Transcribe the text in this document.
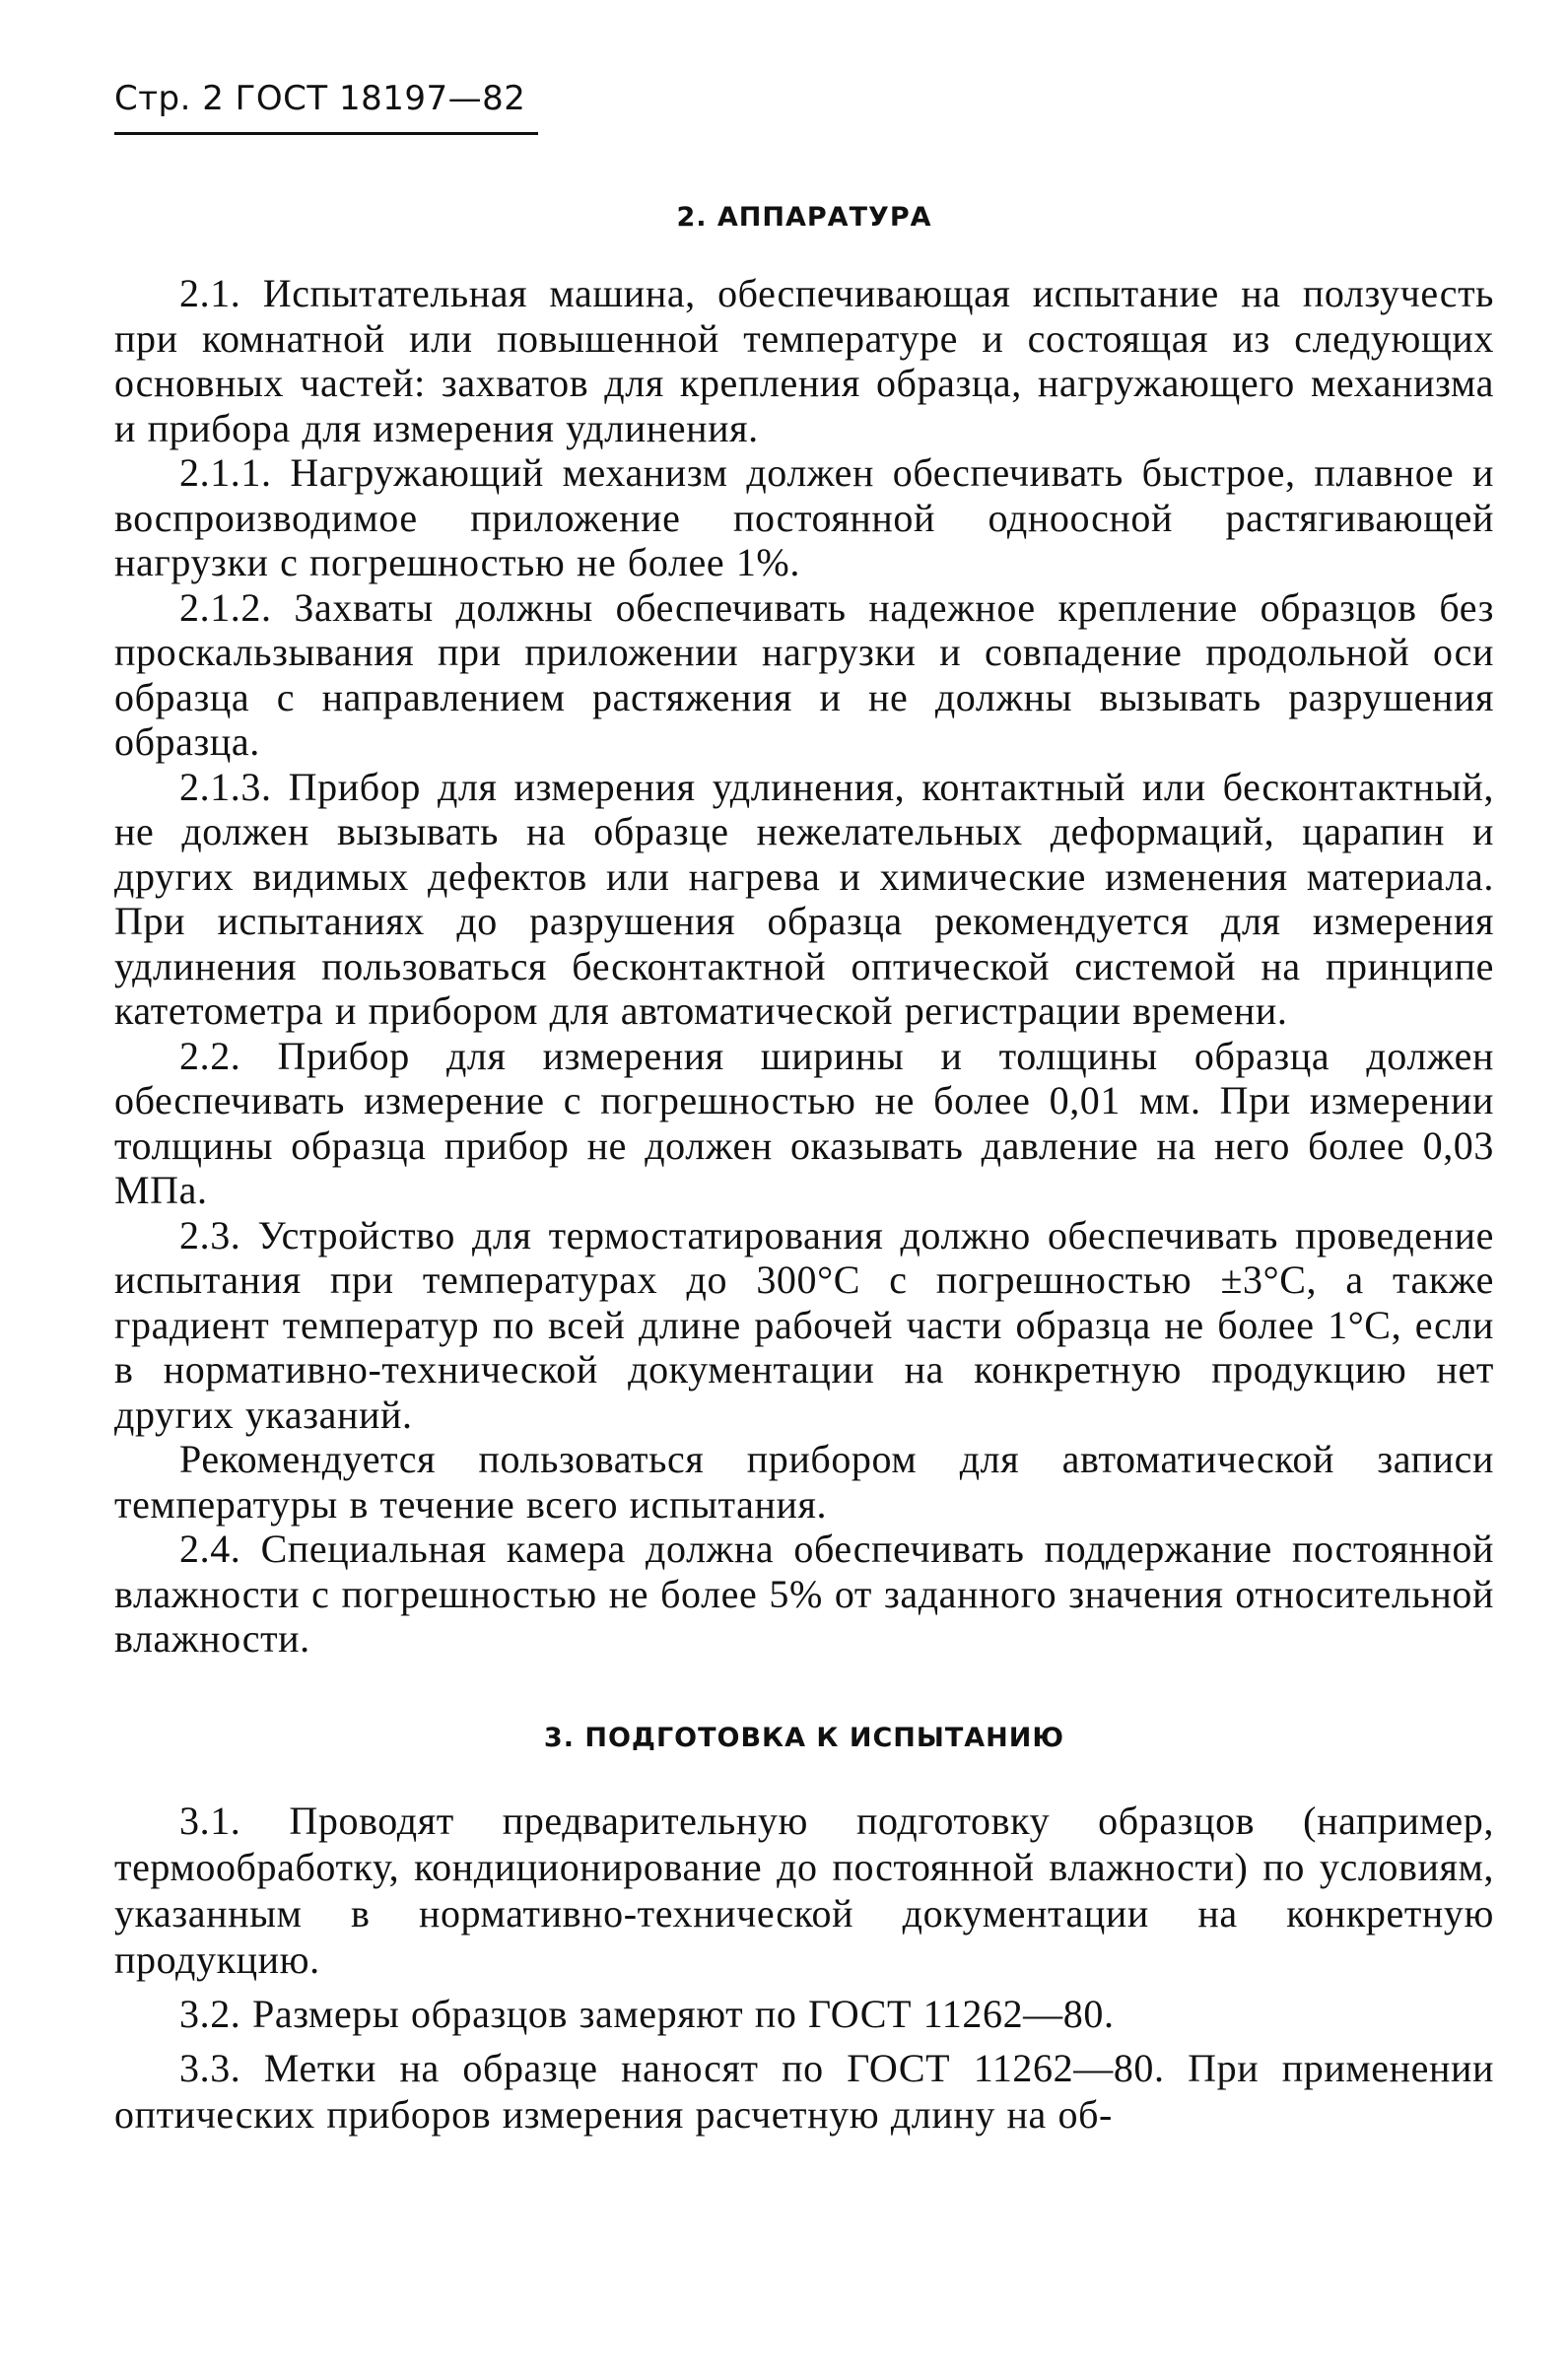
Стр. 2 ГОСТ 18197—82
2. АППАРАТУРА

2.1. Испытательная машина, обеспечивающая испытание на ползучесть при комнатной или повышенной температуре и состоящая из следующих основных частей: захватов для крепления образца, нагружающего механизма и прибора для измерения удлинения.

2.1.1. Нагружающий механизм должен обеспечивать быстрое, плавное и воспроизводимое приложение постоянной одноосной растягивающей нагрузки с погрешностью не более 1%.

2.1.2. Захваты должны обеспечивать надежное крепление образцов без проскальзывания при приложении нагрузки и совпадение продольной оси образца с направлением растяжения и не должны вызывать разрушения образца.

2.1.3. Прибор для измерения удлинения, контактный или бесконтактный, не должен вызывать на образце нежелательных деформаций, царапин и других видимых дефектов или нагрева и химические изменения материала. При испытаниях до разрушения образца рекомендуется для измерения удлинения пользоваться бесконтактной оптической системой на принципе катетометра и прибором для автоматической регистрации времени.

2.2. Прибор для измерения ширины и толщины образца должен обеспечивать измерение с погрешностью не более 0,01 мм. При измерении толщины образца прибор не должен оказывать давление на него более 0,03 МПа.

2.3. Устройство для термостатирования должно обеспечивать проведение испытания при температурах до 300°С с погрешностью ±3°С, а также градиент температур по всей длине рабочей части образца не более 1°С, если в нормативно-технической документации на конкретную продукцию нет других указаний.

Рекомендуется пользоваться прибором для автоматической записи температуры в течение всего испытания.

2.4. Специальная камера должна обеспечивать поддержание постоянной влажности с погрешностью не более 5% от заданного значения относительной влажности.

3. ПОДГОТОВКА К ИСПЫТАНИЮ

3.1. Проводят предварительную подготовку образцов (например, термообработку, кондиционирование до постоянной влажности) по условиям, указанным в нормативно-технической документации на конкретную продукцию.

3.2. Размеры образцов замеряют по ГОСТ 11262—80.

3.3. Метки на образце наносят по ГОСТ 11262—80. При применении оптических приборов измерения расчетную длину на об-
